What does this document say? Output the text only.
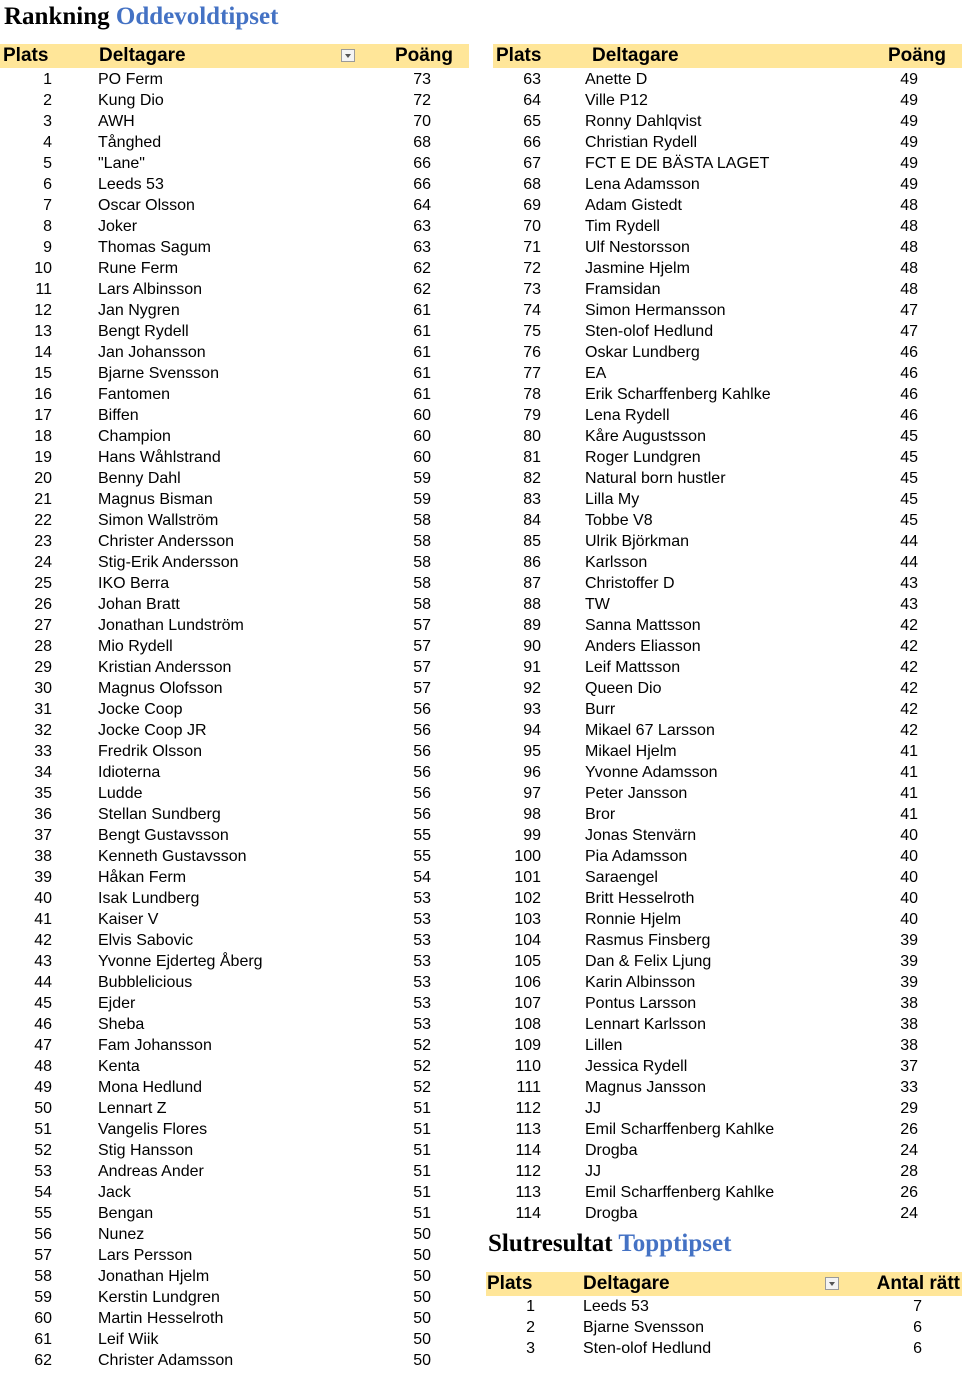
Rankning Oddevoldtipset
Plats	Deltagare	Poäng Plats	Deltagare	Poäng
1	PO Ferm	73
2	Kung Dio	72
3	AWH	70
4	Tånghed	68
5	"Lane"	66
6	Leeds 53	66
7	Oscar Olsson	64
8	Joker	63
9	Thomas Sagum	63
10	Rune Ferm	62
11	Lars Albinsson	62
12	Jan Nygren	61
13	Bengt Rydell	61
14	Jan Johansson	61
15	Bjarne Svensson	61
16	Fantomen	61
17	Biffen	60
18	Champion	60
19	Hans Wåhlstrand	60
20	Benny Dahl	59
21	Magnus Bisman	59
22	Simon Wallström	58
23	Christer Andersson	58
24	Stig-Erik Andersson	58
25	IKO Berra	58
26	Johan Bratt	58
27	Jonathan Lundström	57
28	Mio Rydell	57
29	Kristian Andersson	57
30	Magnus Olofsson	57
31	Jocke Coop	56
32	Jocke Coop JR	56
33	Fredrik Olsson	56
34	Idioterna	56
35	Ludde	56
36	Stellan Sundberg	56
37	Bengt Gustavsson	55
38	Kenneth Gustavsson	55
39	Håkan Ferm	54
40	Isak Lundberg	53
41	Kaiser V	53
42	Elvis Sabovic	53
43	Yvonne Ejderteg Åberg	53
44	Bubblelicious	53
45	Ejder	53
46	Sheba	53
47	Fam Johansson	52
48	Kenta	52
49	Mona Hedlund	52
50	Lennart Z	51
51	Vangelis Flores	51
52	Stig Hansson	51
53	Andreas Ander	51
54	Jack	51
55	Bengan	51
56	Nunez	50
57	Lars Persson	50
58	Jonathan Hjelm	50
59	Kerstin Lundgren	50
60	Martin Hesselroth	50
61	Leif Wiik	50
62	Christer Adamsson	50
63	Anette D	49
64	Ville P12	49
65	Ronny Dahlqvist	49
66	Christian Rydell	49
67	FCT E DE BÄSTA LAGET	49
68	Lena Adamsson	49
69	Adam Gistedt	48
70	Tim Rydell	48
71	Ulf Nestorsson	48
72	Jasmine Hjelm	48
73	Framsidan	48
74	Simon Hermansson	47
75	Sten-olof Hedlund	47
76	Oskar Lundberg	46
77	EA	46
78	Erik Scharffenberg Kahlke	46
79	Lena Rydell	46
80	Kåre Augustsson	45
81	Roger Lundgren	45
82	Natural born hustler	45
83	Lilla My	45
84	Tobbe V8	45
85	Ulrik Björkman	44
86	Karlsson	44
87	Christoffer D	43
88	TW	43
89	Sanna Mattsson	42
90	Anders Eliasson	42
91	Leif Mattsson	42
92	Queen Dio	42
93	Burr	42
94	Mikael 67 Larsson	42
95	Mikael Hjelm	41
96	Yvonne Adamsson	41
97	Peter Jansson	41
98	Bror	41
99	Jonas Stenvärn	40
100	Pia Adamsson	40
101	Saraengel	40
102	Britt Hesselroth	40
103	Ronnie Hjelm	40
104	Rasmus Finsberg	39
105	Dan & Felix Ljung	39
106	Karin Albinsson	39
107	Pontus Larsson	38
108	Lennart Karlsson	38
109	Lillen	38
110	Jessica Rydell	37
111	Magnus Jansson	33
112	JJ	29
113	Emil Scharffenberg Kahlke	26
114	Drogba	24
112	JJ	28
113	Emil Scharffenberg Kahlke	26
114	Drogba	24
Slutresultat Topptipset
Plats	Deltagare	Antal rätt
1	Leeds 53	7
2	Bjarne Svensson	6
3	Sten-olof Hedlund	6
